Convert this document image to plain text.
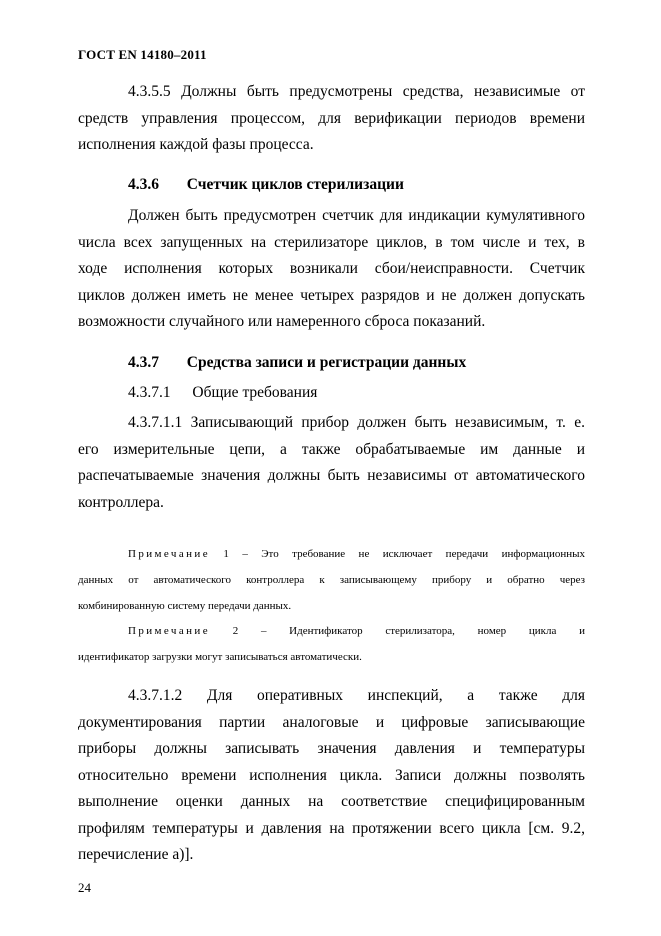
ГОСТ EN 14180–2011
4.3.5.5 Должны быть предусмотрены средства, независимые от
средств управления процессом, для верификации периодов времени
исполнения каждой фазы процесса.
4.3.6 Счетчик циклов стерилизации
Должен быть предусмотрен счетчик для индикации кумулятивного
числа всех запущенных на стерилизаторе циклов, в том числе и тех, в
ходе исполнения которых возникали сбои/неисправности. Счетчик
циклов должен иметь не менее четырех разрядов и не должен допускать
возможности случайного или намеренного сброса показаний.
4.3.7 Средства записи и регистрации данных
4.3.7.1 Общие требования
4.3.7.1.1 Записывающий прибор должен быть независимым, т. е.
его измерительные цепи, а также обрабатываемые им данные и
распечатываемые значения должны быть независимы от автоматического
контроллера.
Примечание 1 – Это требование не исключает передачи информационных
данных от автоматического контроллера к записывающему прибору и обратно через
комбинированную систему передачи данных.
Примечание 2 – Идентификатор стерилизатора, номер цикла и
идентификатор загрузки могут записываться автоматически.
4.3.7.1.2 Для оперативных инспекций, а также для
документирования партии аналоговые и цифровые записывающие
приборы должны записывать значения давления и температуры
относительно времени исполнения цикла. Записи должны позволять
выполнение оценки данных на соответствие специфицированным
профилям температуры и давления на протяжении всего цикла [см. 9.2,
перечисление а)].
24
